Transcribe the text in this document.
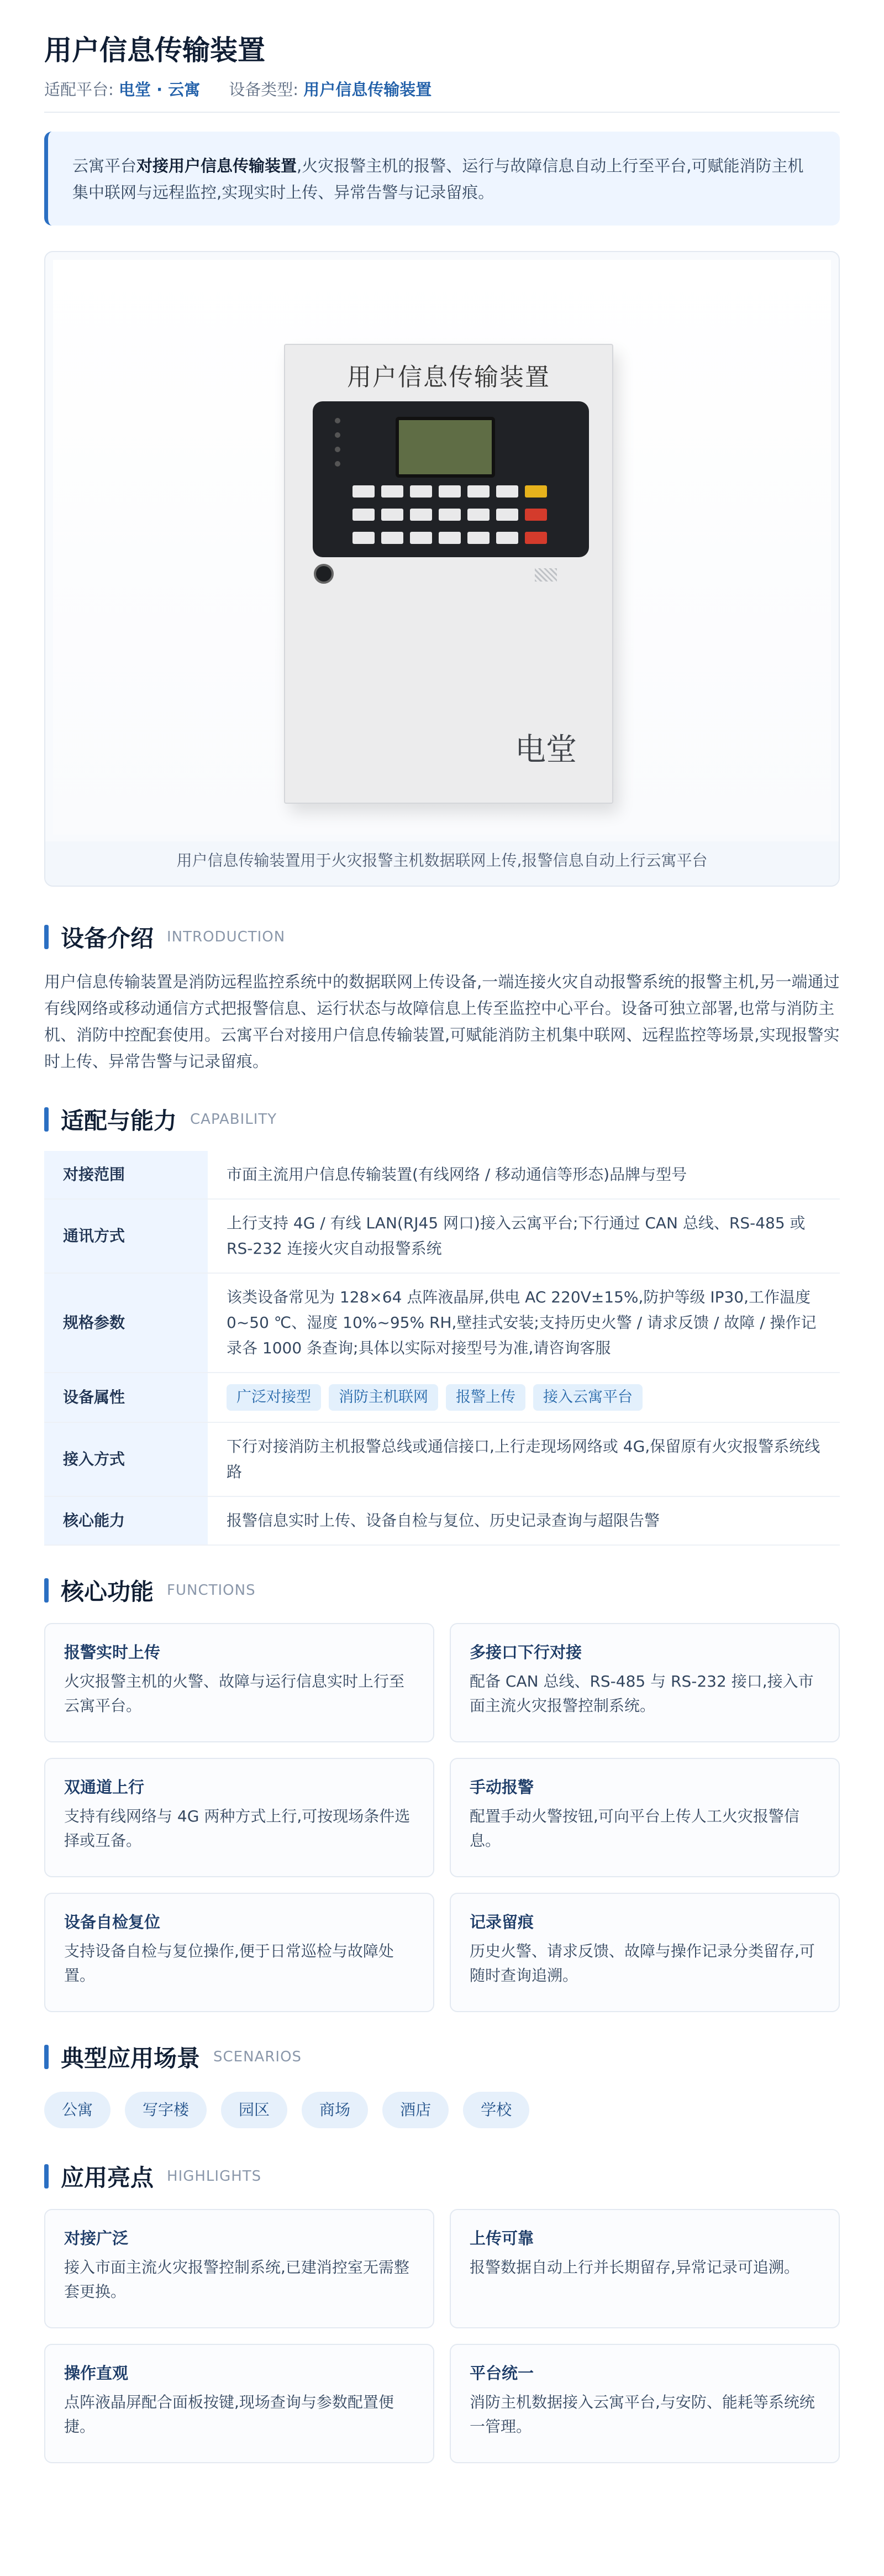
用户信息传输装置
适配平台: 电堂 · 云寓 设备类型: 用户信息传输装置
云寓平台对接用户信息传输装置,火灾报警主机的报警、运行与故障信息自动上行至平台,可赋能消防主机集中联网与远程监控,实现实时上传、异常告警与记录留痕。
用户信息传输装置
电堂
用户信息传输装置用于火灾报警主机数据联网上传,报警信息自动上行云寓平台
设备介绍 INTRODUCTION

用户信息传输装置是消防远程监控系统中的数据联网上传设备,一端连接火灾自动报警系统的报警主机,另一端通过有线网络或移动通信方式把报警信息、运行状态与故障信息上传至监控中心平台。设备可独立部署,也常与消防主机、消防中控配套使用。云寓平台对接用户信息传输装置,可赋能消防主机集中联网、远程监控等场景,实现报警实时上传、异常告警与记录留痕。

适配与能力 CAPABILITY
对接范围	市面主流用户信息传输装置(有线网络 / 移动通信等形态)品牌与型号
通讯方式	上行支持 4G / 有线 LAN(RJ45 网口)接入云寓平台;下行通过 CAN 总线、RS-485 或 RS-232 连接火灾自动报警系统
规格参数	该类设备常见为 128×64 点阵液晶屏,供电 AC 220V±15%,防护等级 IP30,工作温度 0~50 ℃、湿度 10%~95% RH,壁挂式安装;支持历史火警 / 请求反馈 / 故障 / 操作记录各 1000 条查询;具体以实际对接型号为准,请咨询客服
设备属性	广泛对接型 消防主机联网 报警上传 接入云寓平台
接入方式	下行对接消防主机报警总线或通信接口,上行走现场网络或 4G,保留原有火灾报警系统线路
核心能力	报警信息实时上传、设备自检与复位、历史记录查询与超限告警
核心功能 FUNCTIONS
报警实时上传
火灾报警主机的火警、故障与运行信息实时上行至云寓平台。
多接口下行对接
配备 CAN 总线、RS-485 与 RS-232 接口,接入市面主流火灾报警控制系统。
双通道上行
支持有线网络与 4G 两种方式上行,可按现场条件选择或互备。
手动报警
配置手动火警按钮,可向平台上传人工火灾报警信息。
设备自检复位
支持设备自检与复位操作,便于日常巡检与故障处置。
记录留痕
历史火警、请求反馈、故障与操作记录分类留存,可随时查询追溯。
典型应用场景 SCENARIOS
公寓	写字楼	园区	商场	酒店	学校
应用亮点 HIGHLIGHTS
对接广泛
接入市面主流火灾报警控制系统,已建消控室无需整套更换。
上传可靠
报警数据自动上行并长期留存,异常记录可追溯。
操作直观
点阵液晶屏配合面板按键,现场查询与参数配置便捷。
平台统一
消防主机数据接入云寓平台,与安防、能耗等系统统一管理。
